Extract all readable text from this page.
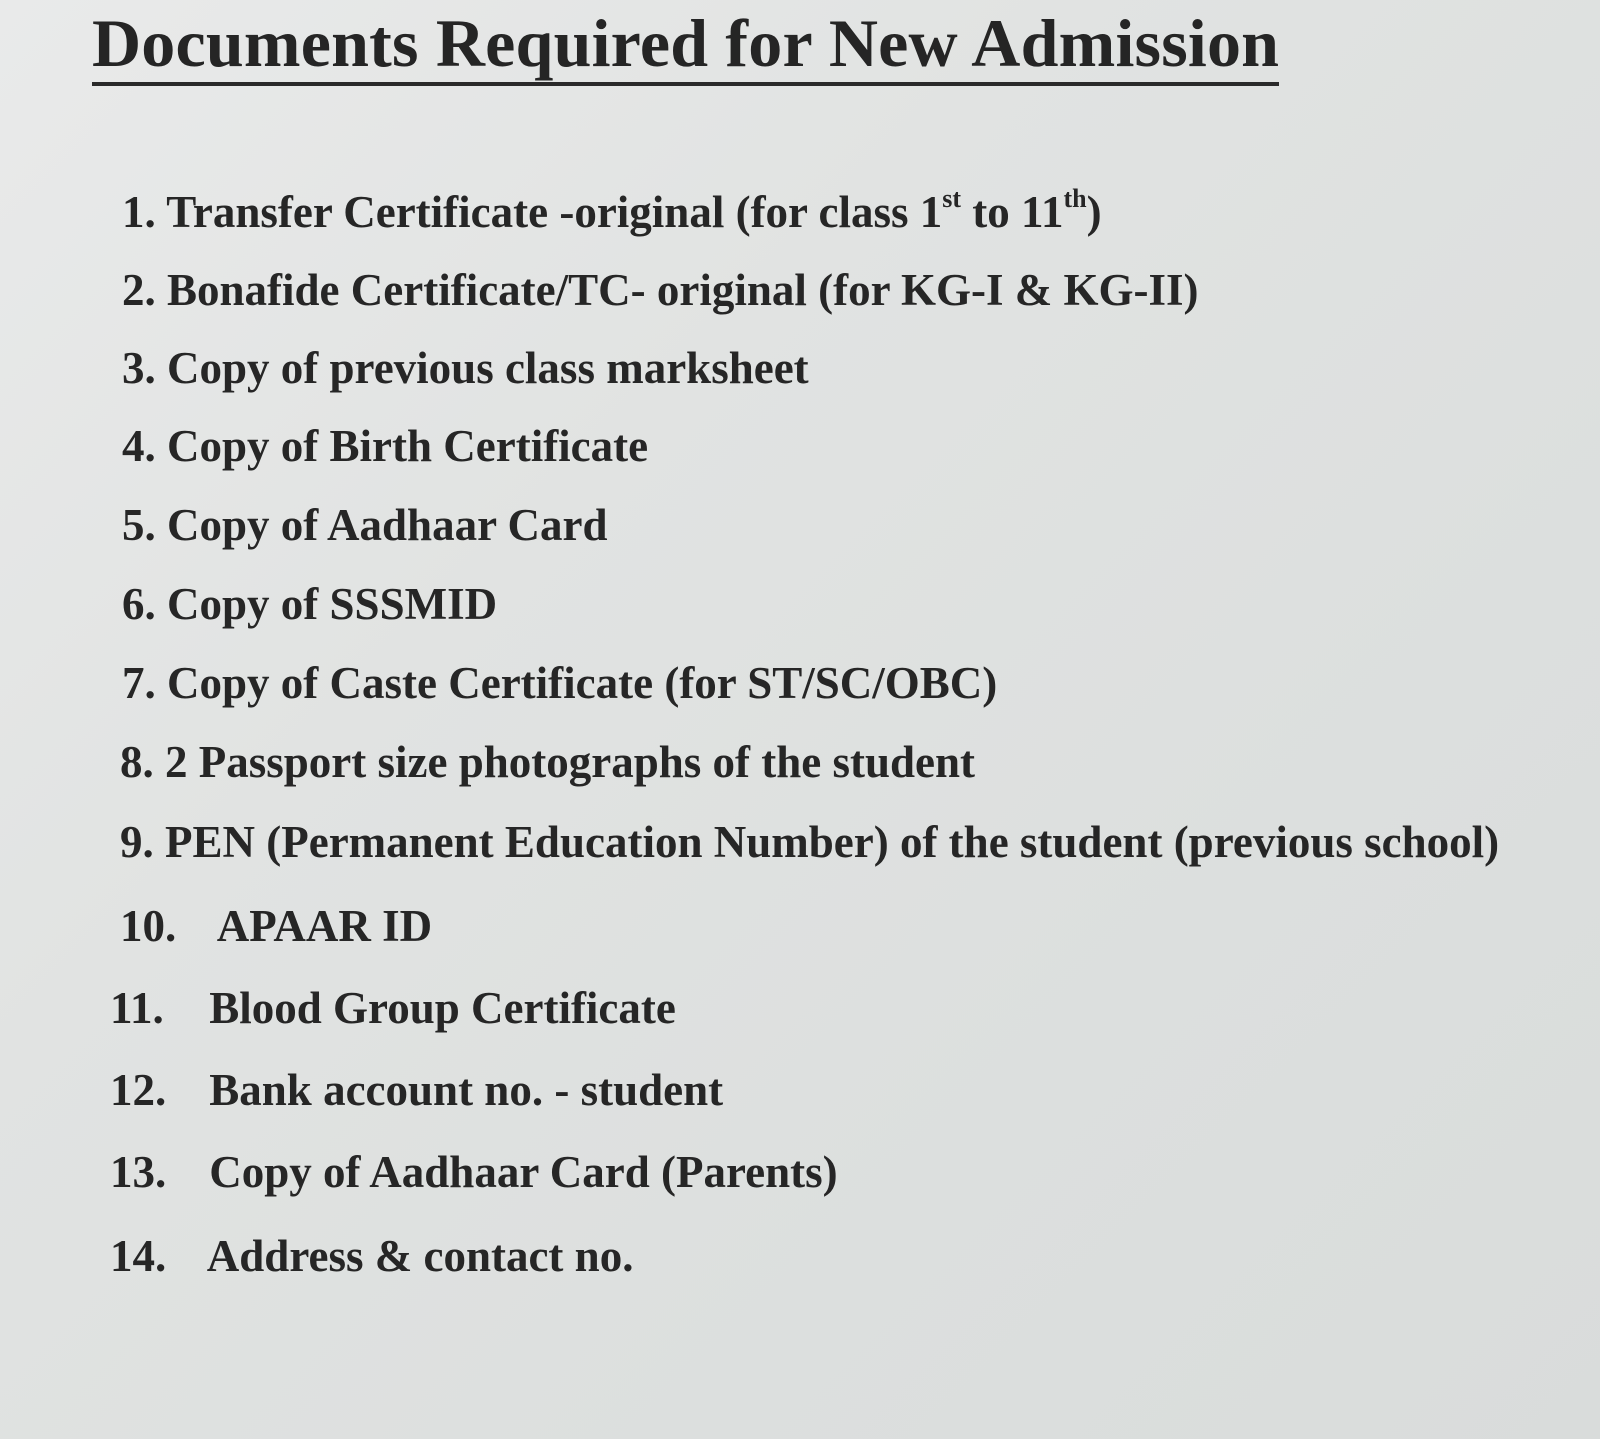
Documents Required for New Admission
1. Transfer Certificate -original (for class 1st to 11th)
2. Bonafide Certificate/TC- original (for KG-I & KG-II)
3. Copy of previous class marksheet
4. Copy of Birth Certificate
5. Copy of Aadhaar Card
6. Copy of SSSMID
7. Copy of Caste Certificate (for ST/SC/OBC)
8. 2 Passport size photographs of the student
9. PEN (Permanent Education Number) of the student (previous school)
10. APAAR ID
11. Blood Group Certificate
12. Bank account no. - student
13. Copy of Aadhaar Card (Parents)
14. Address & contact no.
